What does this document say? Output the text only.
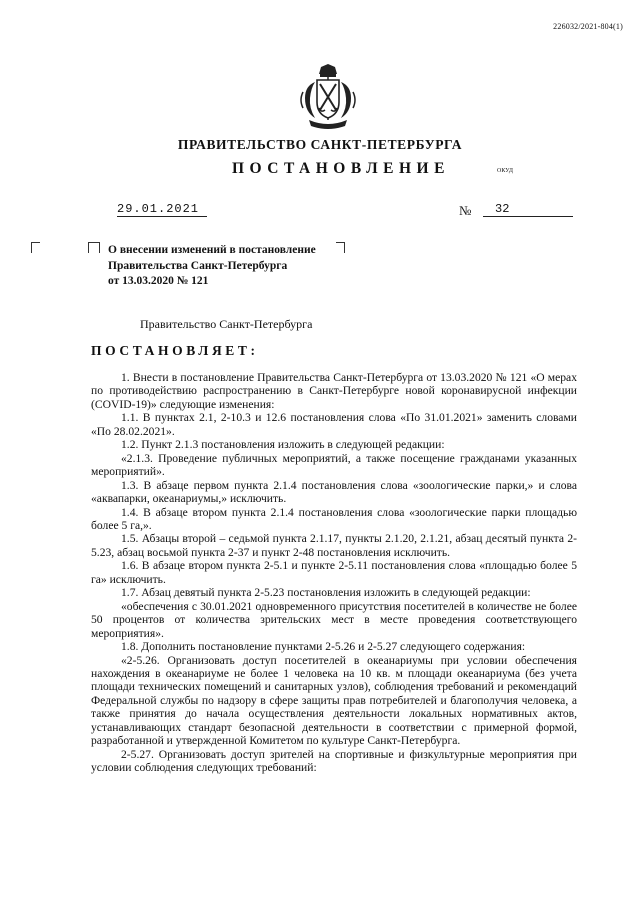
226032/2021-804(1)
ПРАВИТЕЛЬСТВО САНКТ-ПЕТЕРБУРГА
ПОСТАНОВЛЕНИЕ	ОКУД
29.01.2021	№	32
О внесении изменений в постановление
Правительства Санкт-Петербурга
от 13.03.2020 № 121
Правительство Санкт-Петербурга
ПОСТАНОВЛЯЕТ:

1. Внести в постановление Правительства Санкт-Петербурга от 13.03.2020 № 121 «О мерах по противодействию распространению в Санкт-Петербурге новой коронавирусной инфекции (COVID-19)» следующие изменения:

1.1. В пунктах 2.1, 2-10.3 и 12.6 постановления слова «По 31.01.2021» заменить словами «По 28.02.2021».

1.2. Пункт 2.1.3 постановления изложить в следующей редакции:

«2.1.3. Проведение публичных мероприятий, а также посещение гражданами указанных мероприятий».

1.3. В абзаце первом пункта 2.1.4 постановления слова «зоологические парки,» и слова «аквапарки, океанариумы,» исключить.

1.4. В абзаце втором пункта 2.1.4 постановления слова «зоологические парки площадью более 5 га,».

1.5. Абзацы второй – седьмой пункта 2.1.17, пункты 2.1.20, 2.1.21, абзац десятый пункта 2-5.23, абзац восьмой пункта 2-37 и пункт 2-48 постановления исключить.

1.6. В абзаце втором пункта 2-5.1 и пункте 2-5.11 постановления слова «площадью более 5 га» исключить.

1.7. Абзац девятый пункта 2-5.23 постановления изложить в следующей редакции:

«обеспечения с 30.01.2021 одновременного присутствия посетителей в количестве не более 50 процентов от количества зрительских мест в месте проведения соответствующего мероприятия».

1.8. Дополнить постановление пунктами 2-5.26 и 2-5.27 следующего содержания:

«2-5.26. Организовать доступ посетителей в океанариумы при условии обеспечения нахождения в океанариуме не более 1 человека на 10 кв. м площади океанариума (без учета площади технических помещений и санитарных узлов), соблюдения требований и рекомендаций Федеральной службы по надзору в сфере защиты прав потребителей и благополучия человека, а также принятия до начала осуществления деятельности локальных нормативных актов, устанавливающих стандарт безопасной деятельности в соответствии с примерной формой, разработанной и утвержденной Комитетом по культуре Санкт-Петербурга.

2-5.27. Организовать доступ зрителей на спортивные и физкультурные мероприятия при условии соблюдения следующих требований:
